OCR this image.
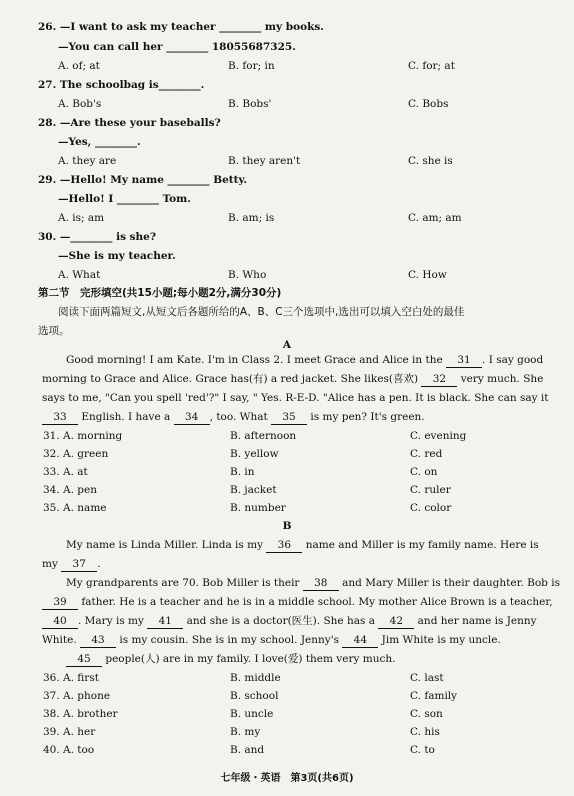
26. —I want to ask my teacher ________ my books.
—You can call her ________ 18055687325.
A. of; at	B. for; in	C. for; at
27. The schoolbag is________.
A. Bob's	B. Bobs'	C. Bobs
28. —Are these your baseballs?
—Yes, ________.
A. they are	B. they aren't	C. she is
29. —Hello! My name ________ Betty.
—Hello! I ________ Tom.
A. is; am	B. am; is	C. am; am
30. —________ is she?
—She is my teacher.
A. What	B. Who	C. How
第二节　完形填空(共15小题;每小题2分,满分30分)
阅读下面两篇短文,从短文后各题所给的A、B、C三个选项中,选出可以填入空白处的最佳
选项。
A
Good morning! I am Kate. I'm in Class 2. I meet Grace and Alice in the 31 . I say good
morning to Grace and Alice. Grace has(有) a red jacket. She likes(喜欢) 32 very much. She
says to me, "Can you spell 'red'?" I say, " Yes. R-E-D. "Alice has a pen. It is black. She can say it
33 English. I have a 34 , too. What 35 is my pen? It's green.
31. A. morning	B. afternoon	C. evening
32. A. green	B. yellow	C. red
33. A. at	B. in	C. on
34. A. pen	B. jacket	C. ruler
35. A. name	B. number	C. color
B
My name is Linda Miller. Linda is my 36 name and Miller is my family name. Here is
my 37 .
My grandparents are 70. Bob Miller is their 38 and Mary Miller is their daughter. Bob is
39 father. He is a teacher and he is in a middle school. My mother Alice Brown is a teacher,
40 . Mary is my 41 and she is a doctor(医生). She has a 42 and her name is Jenny
White. 43 is my cousin. She is in my school. Jenny's 44 Jim White is my uncle.
45 people(人) are in my family. I love(爱) them very much.
36. A. first	B. middle	C. last
37. A. phone	B. school	C. family
38. A. brother	B. uncle	C. son
39. A. her	B. my	C. his
40. A. too	B. and	C. to
七年级・英语　第3页(共6页)
